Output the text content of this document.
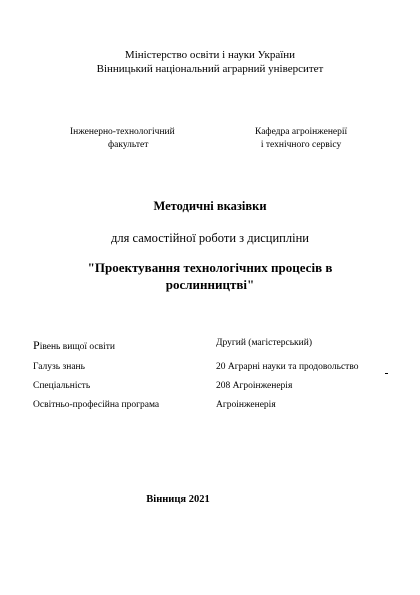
Міністерство освіти і науки України
Вінницький національний аграрний університет
Інженерно-технологічний
факультет
Кафедра агроінженерії
і технічного сервісу
Методичні вказівки
для самостійної роботи з дисципліни
"Проектування технологічних процесів в
рослинництві"
Рівень вищої освіти	Другий (магістерський)
Галузь знань	20 Аграрні науки та продовольство
Спеціальність	208 Агроінженерія
Освітньо-професійна програма	Агроінженерія
Вінниця 2021
